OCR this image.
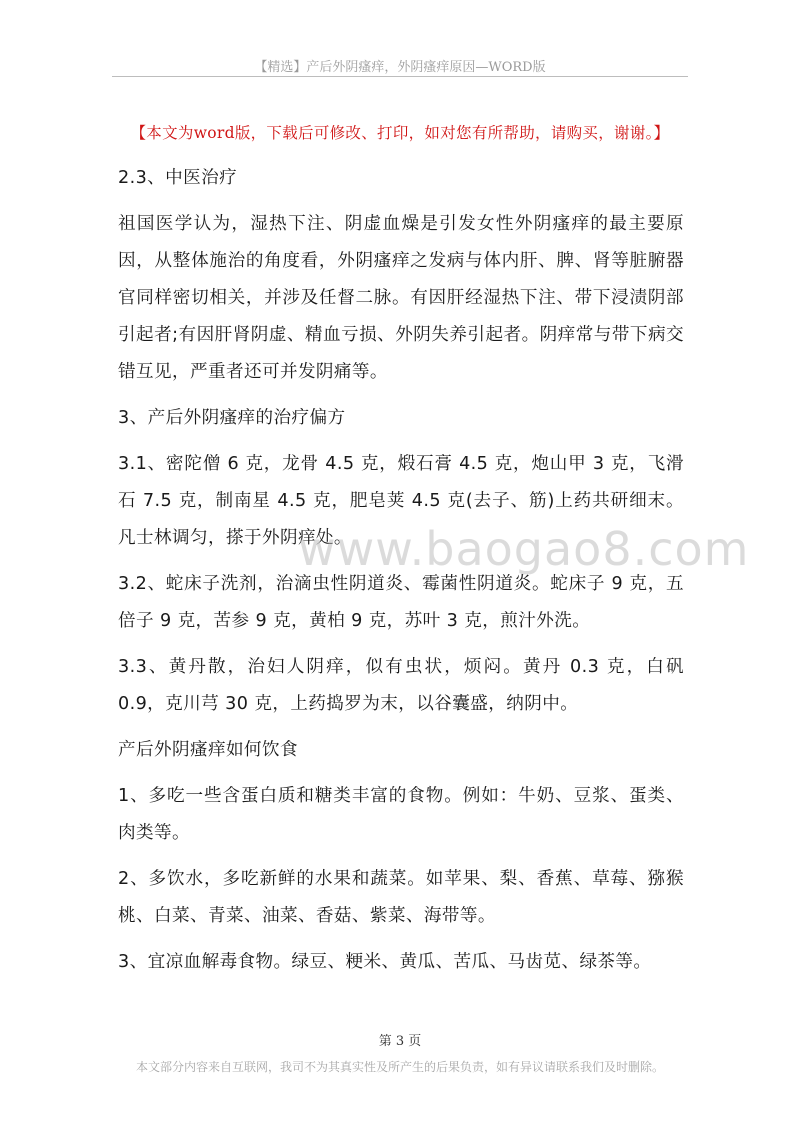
【精选】产后外阴瘙痒，外阴瘙痒原因—WORD版
【本文为word版，下载后可修改、打印，如对您有所帮助，请购买，谢谢。】

2.3、中医治疗

祖国医学认为，湿热下注、阴虚血燥是引发女性外阴瘙痒的最主要原因，从整体施治的角度看，外阴瘙痒之发病与体内肝、脾、肾等脏腑器官同样密切相关，并涉及任督二脉。有因肝经湿热下注、带下浸渍阴部引起者;有因肝肾阴虚、精血亏损、外阴失养引起者。阴痒常与带下病交错互见，严重者还可并发阴痛等。

3、产后外阴瘙痒的治疗偏方

3.1、密陀僧 6 克，龙骨 4.5 克，煅石膏 4.5 克，炮山甲 3 克，飞滑石 7.5 克，制南星 4.5 克，肥皂荚 4.5 克(去子、筋)上药共研细末。凡士林调匀，搽于外阴痒处。

3.2、蛇床子洗剂，治滴虫性阴道炎、霉菌性阴道炎。蛇床子 9 克，五倍子 9 克，苦参 9 克，黄柏 9 克，苏叶 3 克，煎汁外洗。

3.3、黄丹散，治妇人阴痒，似有虫状，烦闷。黄丹 0.3 克，白矾 0.9，克川芎 30 克，上药捣罗为末，以谷囊盛，纳阴中。

产后外阴瘙痒如何饮食

1、多吃一些含蛋白质和糖类丰富的食物。例如：牛奶、豆浆、蛋类、肉类等。

2、多饮水，多吃新鲜的水果和蔬菜。如苹果、梨、香蕉、草莓、猕猴桃、白菜、青菜、油菜、香菇、紫菜、海带等。

3、宜凉血解毒食物。绿豆、粳米、黄瓜、苦瓜、马齿苋、绿茶等。

www.baogao8.com
第 3 页
本文部分内容来自互联网，我司不为其真实性及所产生的后果负责，如有异议请联系我们及时删除。
